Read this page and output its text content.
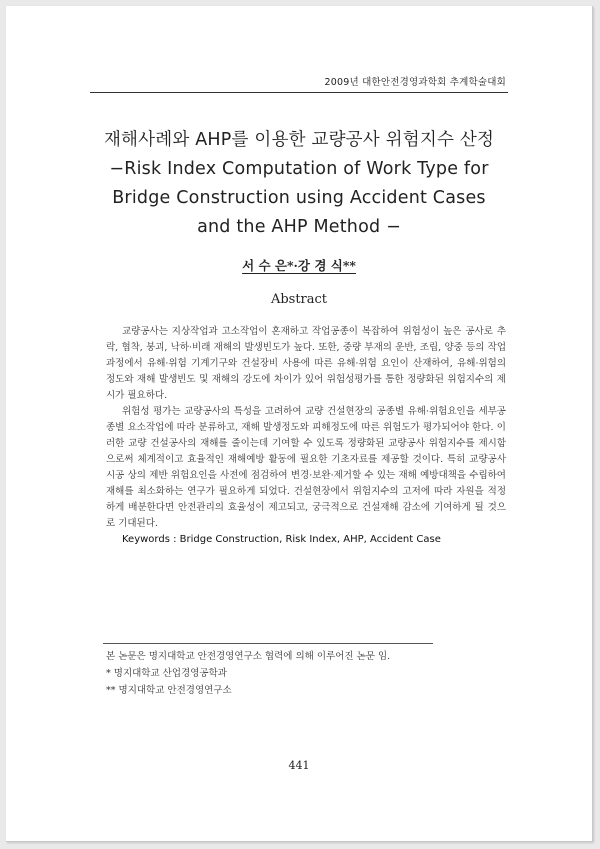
2009년 대한안전경영과학회 추계학술대회
재해사례와 AHP를 이용한 교량공사 위험지수 산정
−Risk Index Computation of Work Type for
Bridge Construction using Accident Cases
and the AHP Method −
서 수 은*·강 경 식**
Abstract

교량공사는 지상작업과 고소작업이 혼재하고 작업공종이 복잡하여 위험성이 높은 공사로 추락, 협착, 붕괴, 낙하·비래 재해의 발생빈도가 높다. 또한, 중량 부재의 운반, 조립, 양중 등의 작업과정에서 유해·위험 기계기구와 건설장비 사용에 따른 유해·위험 요인이 산재하여, 유해·위험의 정도와 재해 발생빈도 및 재해의 강도에 차이가 있어 위험성평가를 통한 정량화된 위험지수의 제시가 필요하다.

위험성 평가는 교량공사의 특성을 고려하여 교량 건설현장의 공종별 유해·위험요인을 세부공종별 요소작업에 따라 분류하고, 재해 발생정도와 피해정도에 따른 위험도가 평가되어야 한다. 이러한 교량 건설공사의 재해를 줄이는데 기여할 수 있도록 정량화된 교량공사 위험지수를 제시함으로써 체계적이고 효율적인 재해예방 활동에 필요한 기초자료를 제공할 것이다. 특히 교량공사 시공 상의 제반 위험요인을 사전에 점검하여 변경·보완·제거할 수 있는 재해 예방대책을 수립하여 재해를 최소화하는 연구가 필요하게 되었다. 건설현장에서 위험지수의 고저에 따라 자원을 적정하게 배분한다면 안전관리의 효율성이 제고되고, 궁극적으로 건설재해 감소에 기여하게 될 것으로 기대된다.

Keywords : Bridge Construction, Risk Index, AHP, Accident Case

본 논문은 명지대학교 안전경영연구소 협력에 의해 이루어진 논문 임.
* 명지대학교 산업경영공학과
** 명지대학교 안전경영연구소
441
